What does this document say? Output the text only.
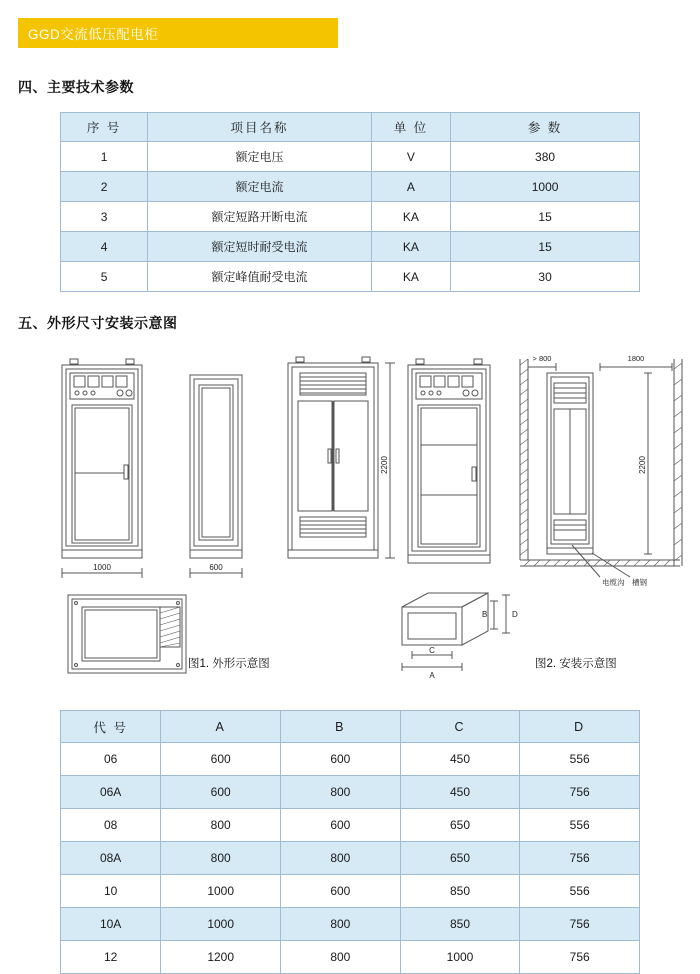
GGD交流低压配电柜
四、主要技术参数
序 号	项目名称	单 位	参 数
1	额定电压	V	380
2	额定电流	A	1000
3	额定短路开断电流	KA	15
4	额定短时耐受电流	KA	15
5	额定峰值耐受电流	KA	30
五、外形尺寸安装示意图
1000	600
2200
> 800	1800
2200
电缆沟 槽钢
D
B
C
A
图1. 外形示意图	图2. 安装示意图
代 号	A	B	C	D
06	600	600	450	556
06A	600	800	450	756
08	800	600	650	556
08A	800	800	650	756
10	1000	600	850	556
10A	1000	800	850	756
12	1200	800	1000	756
